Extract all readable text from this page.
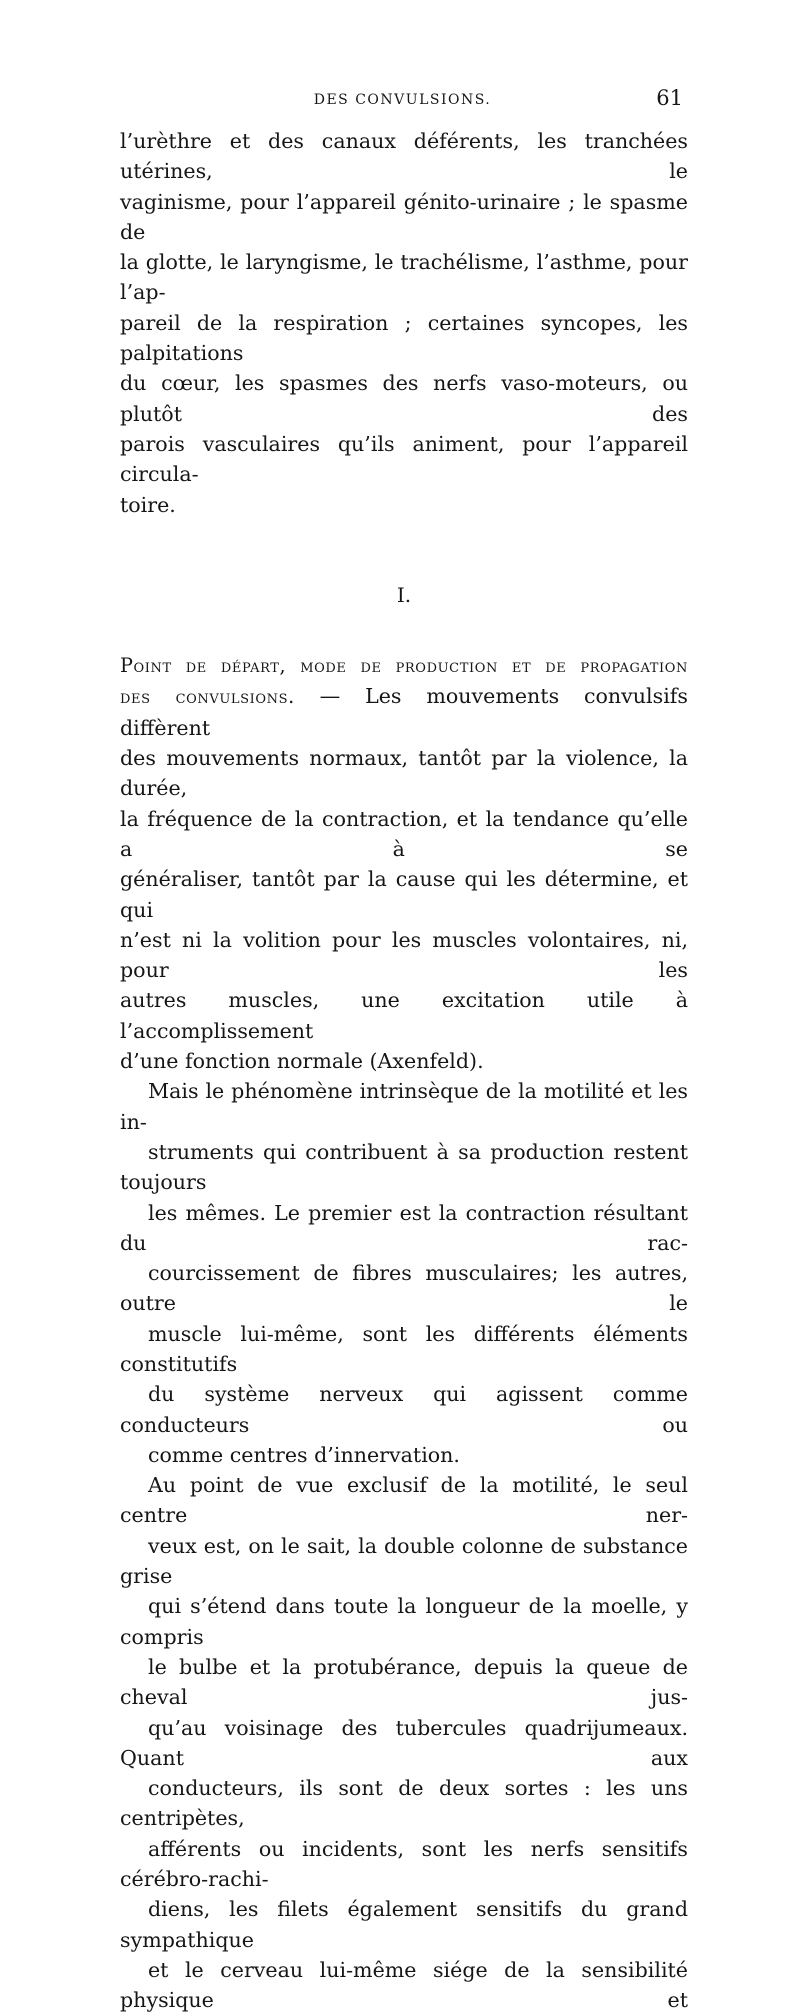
DES CONVULSIONS.	61

l’urèthre et des canaux déférents, les tranchées utérines, le
vaginisme, pour l’appareil génito-urinaire ; le spasme de
la glotte, le laryngisme, le trachélisme, l’asthme, pour l’ap-
pareil de la respiration ; certaines syncopes, les palpitations
du cœur, les spasmes des nerfs vaso-moteurs, ou plutôt des
parois vasculaires qu’ils animent, pour l’appareil circula-
toire.

I.

Point de départ, mode de production et de propagation
des convulsions. — Les mouvements convulsifs diffèrent
des mouvements normaux, tantôt par la violence, la durée,
la fréquence de la contraction, et la tendance qu’elle a à se
généraliser, tantôt par la cause qui les détermine, et qui
n’est ni la volition pour les muscles volontaires, ni, pour les
autres muscles, une excitation utile à l’accomplissement
d’une fonction normale (Axenfeld).

Mais le phénomène intrinsèque de la motilité et les in-
struments qui contribuent à sa production restent toujours
les mêmes. Le premier est la contraction résultant du rac-
courcissement de fibres musculaires; les autres, outre le
muscle lui-même, sont les différents éléments constitutifs
du système nerveux qui agissent comme conducteurs ou
comme centres d’innervation.

Au point de vue exclusif de la motilité, le seul centre ner-
veux est, on le sait, la double colonne de substance grise
qui s’étend dans toute la longueur de la moelle, y compris
le bulbe et la protubérance, depuis la queue de cheval jus-
qu’au voisinage des tubercules quadrijumeaux. Quant aux
conducteurs, ils sont de deux sortes : les uns centripètes,
afférents ou incidents, sont les nerfs sensitifs cérébro-rachi-
diens, les filets également sensitifs du grand sympathique
et le cerveau lui-même siége de la sensibilité physique et
